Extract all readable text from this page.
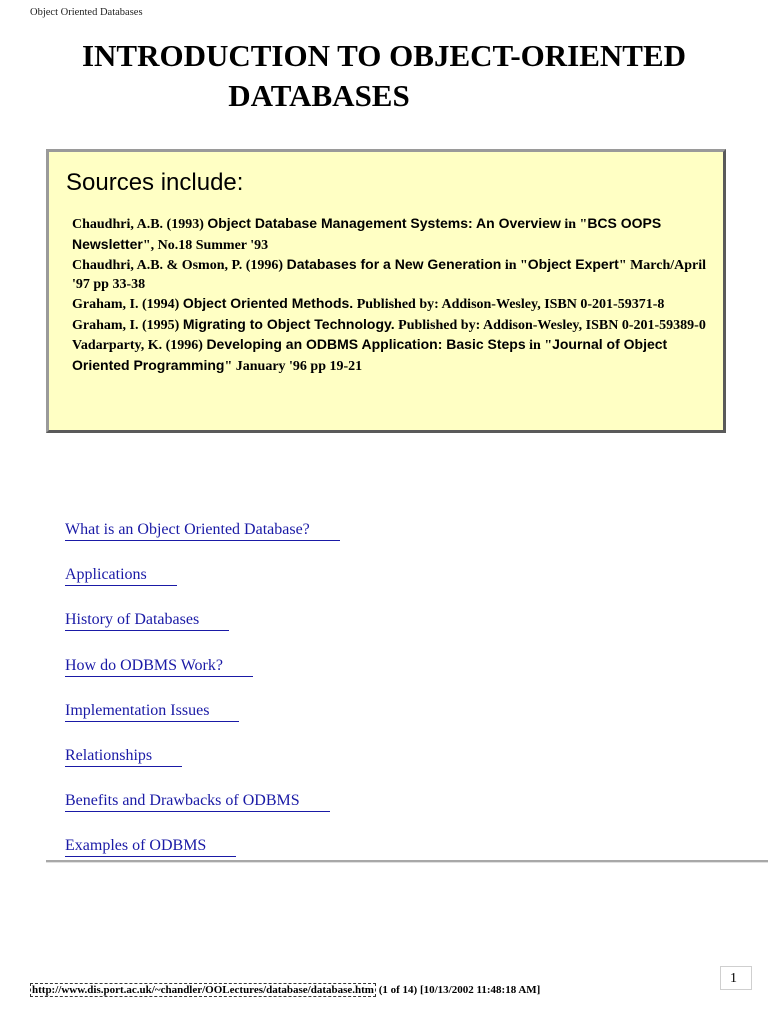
Object Oriented Databases
INTRODUCTION TO OBJECT-ORIENTED

DATABASES
Sources include:
Chaudhri, A.B. (1993) Object Database Management Systems: An Overview in "BCS OOPS Newsletter", No.18 Summer '93
Chaudhri, A.B. & Osmon, P. (1996) Databases for a New Generation in "Object Expert" March/April '97 pp 33-38
Graham, I. (1994) Object Oriented Methods. Published by: Addison-Wesley, ISBN 0-201-59371-8
Graham, I. (1995) Migrating to Object Technology. Published by: Addison-Wesley, ISBN 0-201-59389-0
Vadarparty, K. (1996) Developing an ODBMS Application: Basic Steps in "Journal of Object Oriented Programming" January '96 pp 19-21
What is an Object Oriented Database?
Applications
History of Databases
How do ODBMS Work?
Implementation Issues
Relationships
Benefits and Drawbacks of ODBMS
Examples of ODBMS
1
http://www.dis.port.ac.uk/~chandler/OOLectures/database/database.htm (1 of 14) [10/13/2002 11:48:18 AM]
